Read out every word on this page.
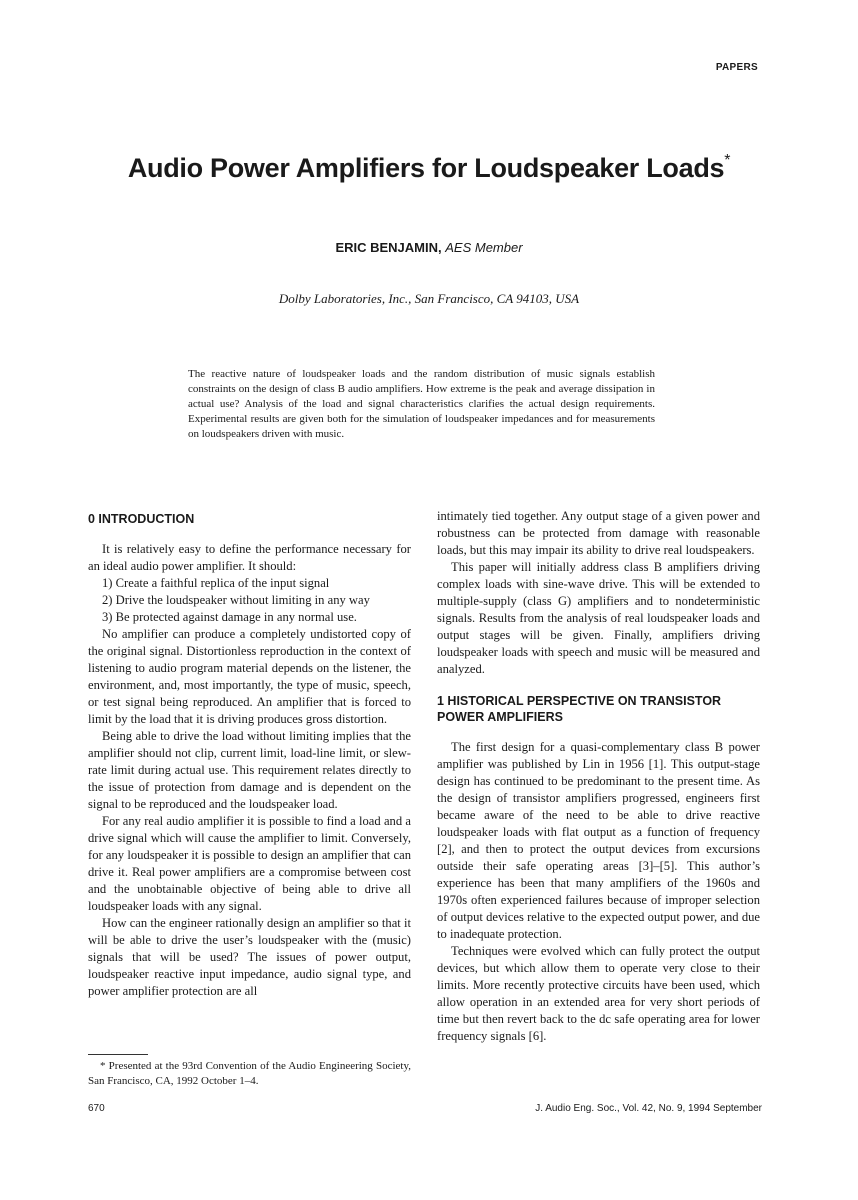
PAPERS
Audio Power Amplifiers for Loudspeaker Loads*
ERIC BENJAMIN, AES Member
Dolby Laboratories, Inc., San Francisco, CA 94103, USA
The reactive nature of loudspeaker loads and the random distribution of music signals establish constraints on the design of class B audio amplifiers. How extreme is the peak and average dissipation in actual use? Analysis of the load and signal characteristics clarifies the actual design requirements. Experimental results are given both for the simulation of loudspeaker impedances and for measurements on loudspeakers driven with music.

0 INTRODUCTION

It is relatively easy to define the performance necessary for an ideal audio power amplifier. It should:

1) Create a faithful replica of the input signal
2) Drive the loudspeaker without limiting in any way
3) Be protected against damage in any normal use.

No amplifier can produce a completely undistorted copy of the original signal. Distortionless reproduction in the context of listening to audio program material depends on the listener, the environment, and, most importantly, the type of music, speech, or test signal being reproduced. An amplifier that is forced to limit by the load that it is driving produces gross distortion.

Being able to drive the load without limiting implies that the amplifier should not clip, current limit, load-line limit, or slew-rate limit during actual use. This requirement relates directly to the issue of protection from damage and is dependent on the signal to be reproduced and the loudspeaker load.

For any real audio amplifier it is possible to find a load and a drive signal which will cause the amplifier to limit. Conversely, for any loudspeaker it is possible to design an amplifier that can drive it. Real power amplifiers are a compromise between cost and the unobtainable objective of being able to drive all loudspeaker loads with any signal.

How can the engineer rationally design an amplifier so that it will be able to drive the user’s loudspeaker with the (music) signals that will be used? The issues of power output, loudspeaker reactive input impedance, audio signal type, and power amplifier protection are all

intimately tied together. Any output stage of a given power and robustness can be protected from damage with reasonable loads, but this may impair its ability to drive real loudspeakers.

This paper will initially address class B amplifiers driving complex loads with sine-wave drive. This will be extended to multiple-supply (class G) amplifiers and to nondeterministic signals. Results from the analysis of real loudspeaker loads and output stages will be given. Finally, amplifiers driving loudspeaker loads with speech and music will be measured and analyzed.

1 HISTORICAL PERSPECTIVE ON TRANSISTOR POWER AMPLIFIERS

The first design for a quasi-complementary class B power amplifier was published by Lin in 1956 [1]. This output-stage design has continued to be predominant to the present time. As the design of transistor amplifiers progressed, engineers first became aware of the need to be able to drive reactive loudspeaker loads with flat output as a function of frequency [2], and then to protect the output devices from excursions outside their safe operating areas [3]–[5]. This author’s experience has been that many amplifiers of the 1960s and 1970s often experienced failures because of improper selection of output devices relative to the expected output power, and due to inadequate protection.

Techniques were evolved which can fully protect the output devices, but which allow them to operate very close to their limits. More recently protective circuits have been used, which allow operation in an extended area for very short periods of time but then revert back to the dc safe operating area for lower frequency signals [6].

* Presented at the 93rd Convention of the Audio Engineering Society, San Francisco, CA, 1992 October 1–4.
670	J. Audio Eng. Soc., Vol. 42, No. 9, 1994 September
